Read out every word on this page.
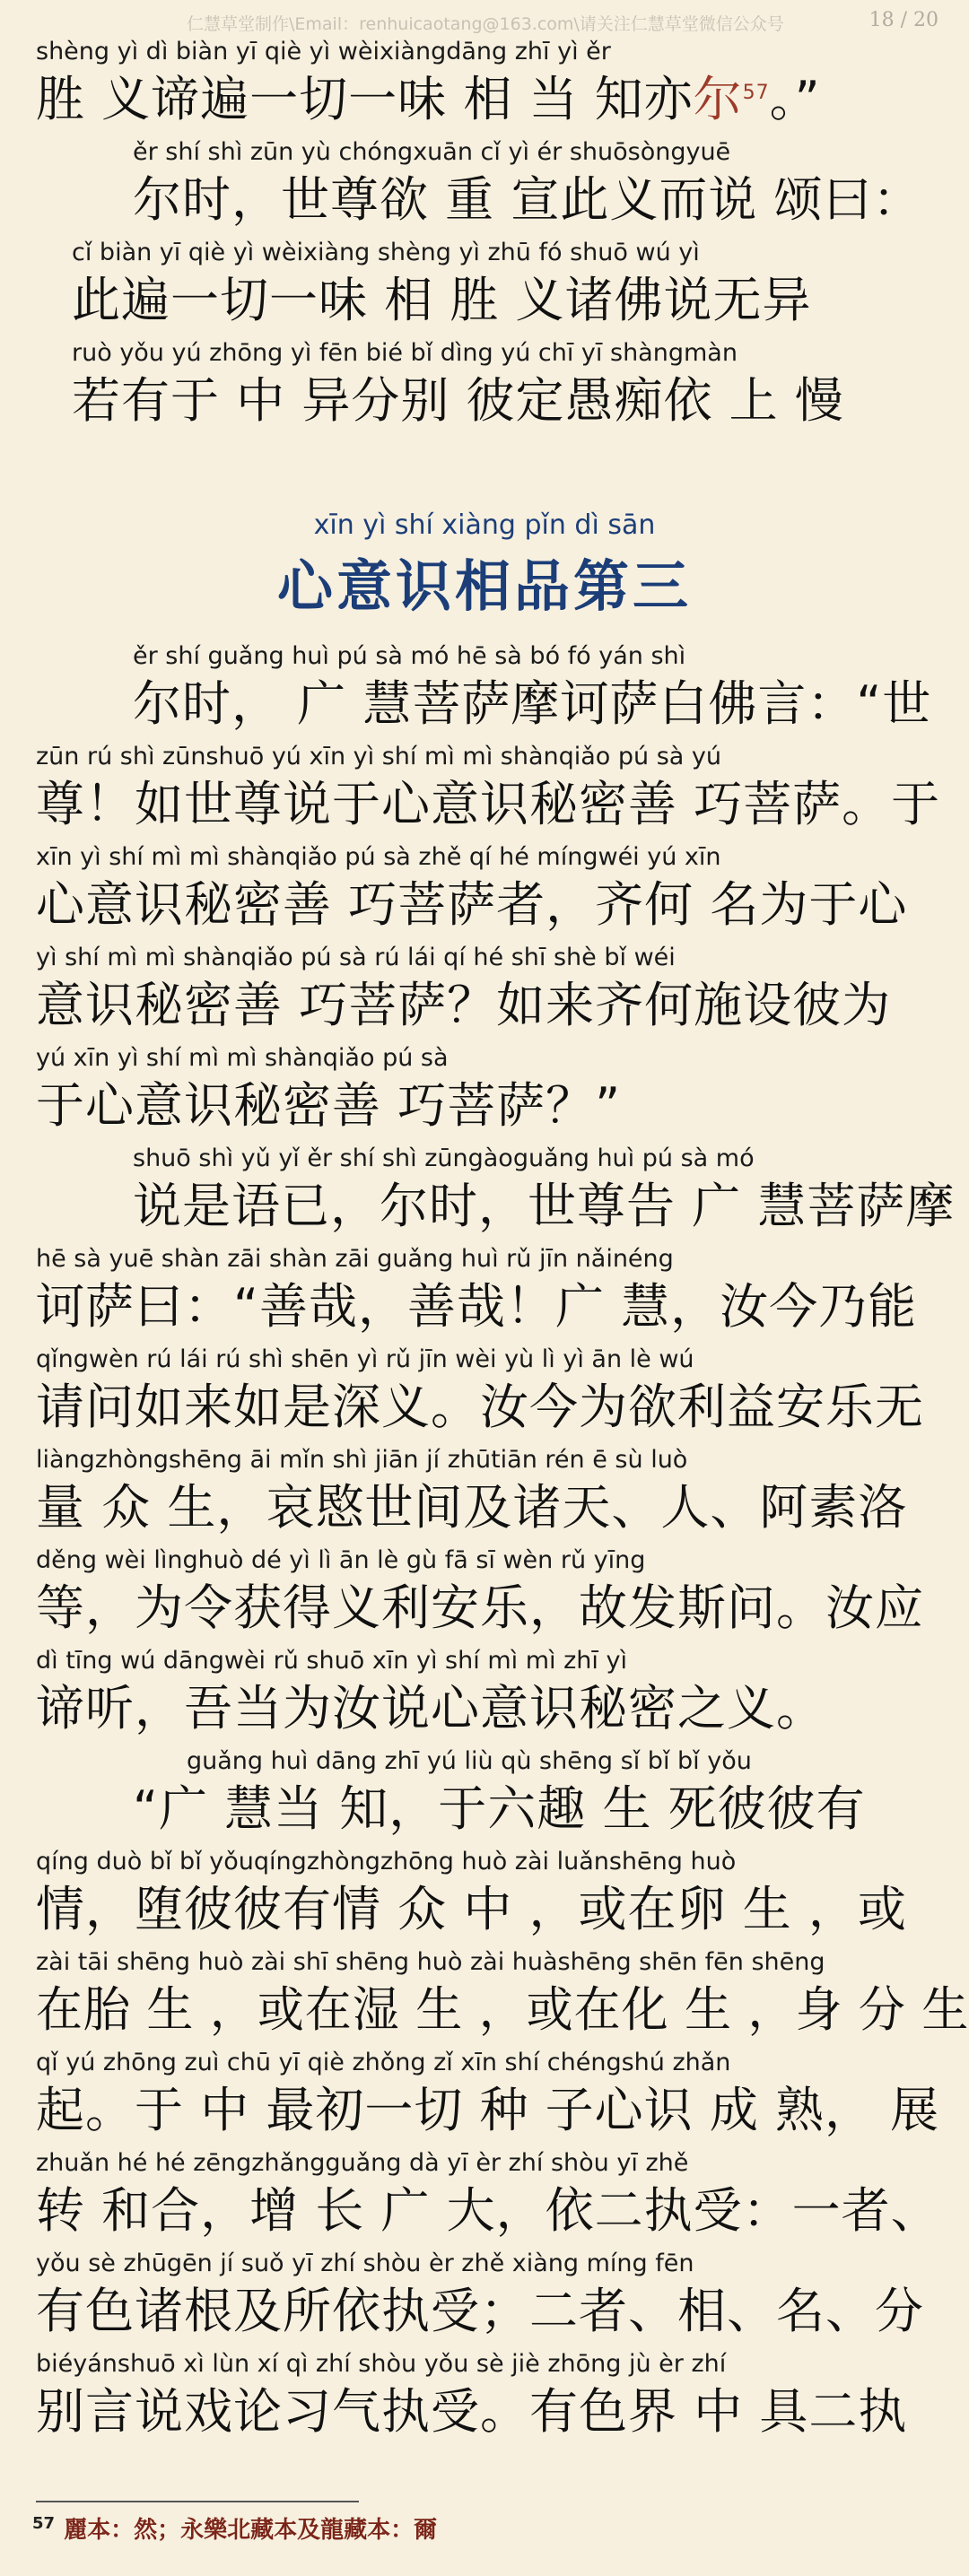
仁慧草堂制作\Email：renhuicaotang@163.com\请关注仁慧草堂微信公众号	18 / 20
shèng yì dì biàn yī qiè yì wèixiàngdāng zhī yì ěr
胜 义谛遍一切一味 相 当 知亦尔$^{57}$。”
ěr shí shì zūn yù chóngxuān cǐ yì ér shuōsòngyuē
尔时，世尊欲 重 宣此义而说 颂曰：
cǐ biàn yī qiè yì wèixiàng shèng yì zhū fó shuō wú yì
此遍一切一味 相 胜 义诸佛说无异
ruò yǒu yú zhōng yì fēn bié bǐ dìng yú chī yī shàngmàn
若有于 中 异分别 彼定愚痴依 上 慢
xīn yì shí xiàng pǐn dì sān
心意识相品第三
ěr shí guǎng huì pú sà mó hē sà bó fó yán shì
尔时， 广 慧菩萨摩诃萨白佛言：“世
zūn rú shì zūnshuō yú xīn yì shí mì mì shànqiǎo pú sà yú
尊！如世尊说于心意识秘密善 巧菩萨。于
xīn yì shí mì mì shànqiǎo pú sà zhě qí hé míngwéi yú xīn
心意识秘密善 巧菩萨者，齐何 名为于心
yì shí mì mì shànqiǎo pú sà rú lái qí hé shī shè bǐ wéi
意识秘密善 巧菩萨？如来齐何施设彼为
yú xīn yì shí mì mì shànqiǎo pú sà
于心意识秘密善 巧菩萨？”
shuō shì yǔ yǐ ěr shí shì zūngàoguǎng huì pú sà mó
说是语已，尔时，世尊告 广 慧菩萨摩
hē sà yuē shàn zāi shàn zāi guǎng huì rǔ jīn nǎinéng
诃萨曰：“善哉，善哉！广 慧，汝今乃能
qǐngwèn rú lái rú shì shēn yì rǔ jīn wèi yù lì yì ān lè wú
请问如来如是深义。汝今为欲利益安乐无
liàngzhòngshēng āi mǐn shì jiān jí zhūtiān rén ē sù luò
量 众 生，哀愍世间及诸天、人、阿素洛
děng wèi lìnghuò dé yì lì ān lè gù fā sī wèn rǔ yīng
等，为令获得义利安乐，故发斯问。汝应
dì tīng wú dāngwèi rǔ shuō xīn yì shí mì mì zhī yì
谛听，吾当为汝说心意识秘密之义。
guǎng huì dāng zhī yú liù qù shēng sǐ bǐ bǐ yǒu
“广 慧当 知，于六趣 生 死彼彼有
qíng duò bǐ bǐ yǒuqíngzhòngzhōng huò zài luǎnshēng huò
情，堕彼彼有情 众 中 ，或在卵 生 ，或
zài tāi shēng huò zài shī shēng huò zài huàshēng shēn fēn shēng
在胎 生 ，或在湿 生 ，或在化 生 ，身 分 生
qǐ yú zhōng zuì chū yī qiè zhǒng zǐ xīn shí chéngshú zhǎn
起。于 中 最初一切 种 子心识 成 熟， 展
zhuǎn hé hé zēngzhǎngguǎng dà yī èr zhí shòu yī zhě
转 和合，增 长 广 大，依二执受：一者、
yǒu sè zhūgēn jí suǒ yī zhí shòu èr zhě xiàng míng fēn
有色诸根及所依执受；二者、相、名、分
biéyánshuō xì lùn xí qì zhí shòu yǒu sè jiè zhōng jù èr zhí
别言说戏论习气执受。有色界 中 具二执
$^{57}$ 麗本：然；永樂北藏本及龍藏本：爾
